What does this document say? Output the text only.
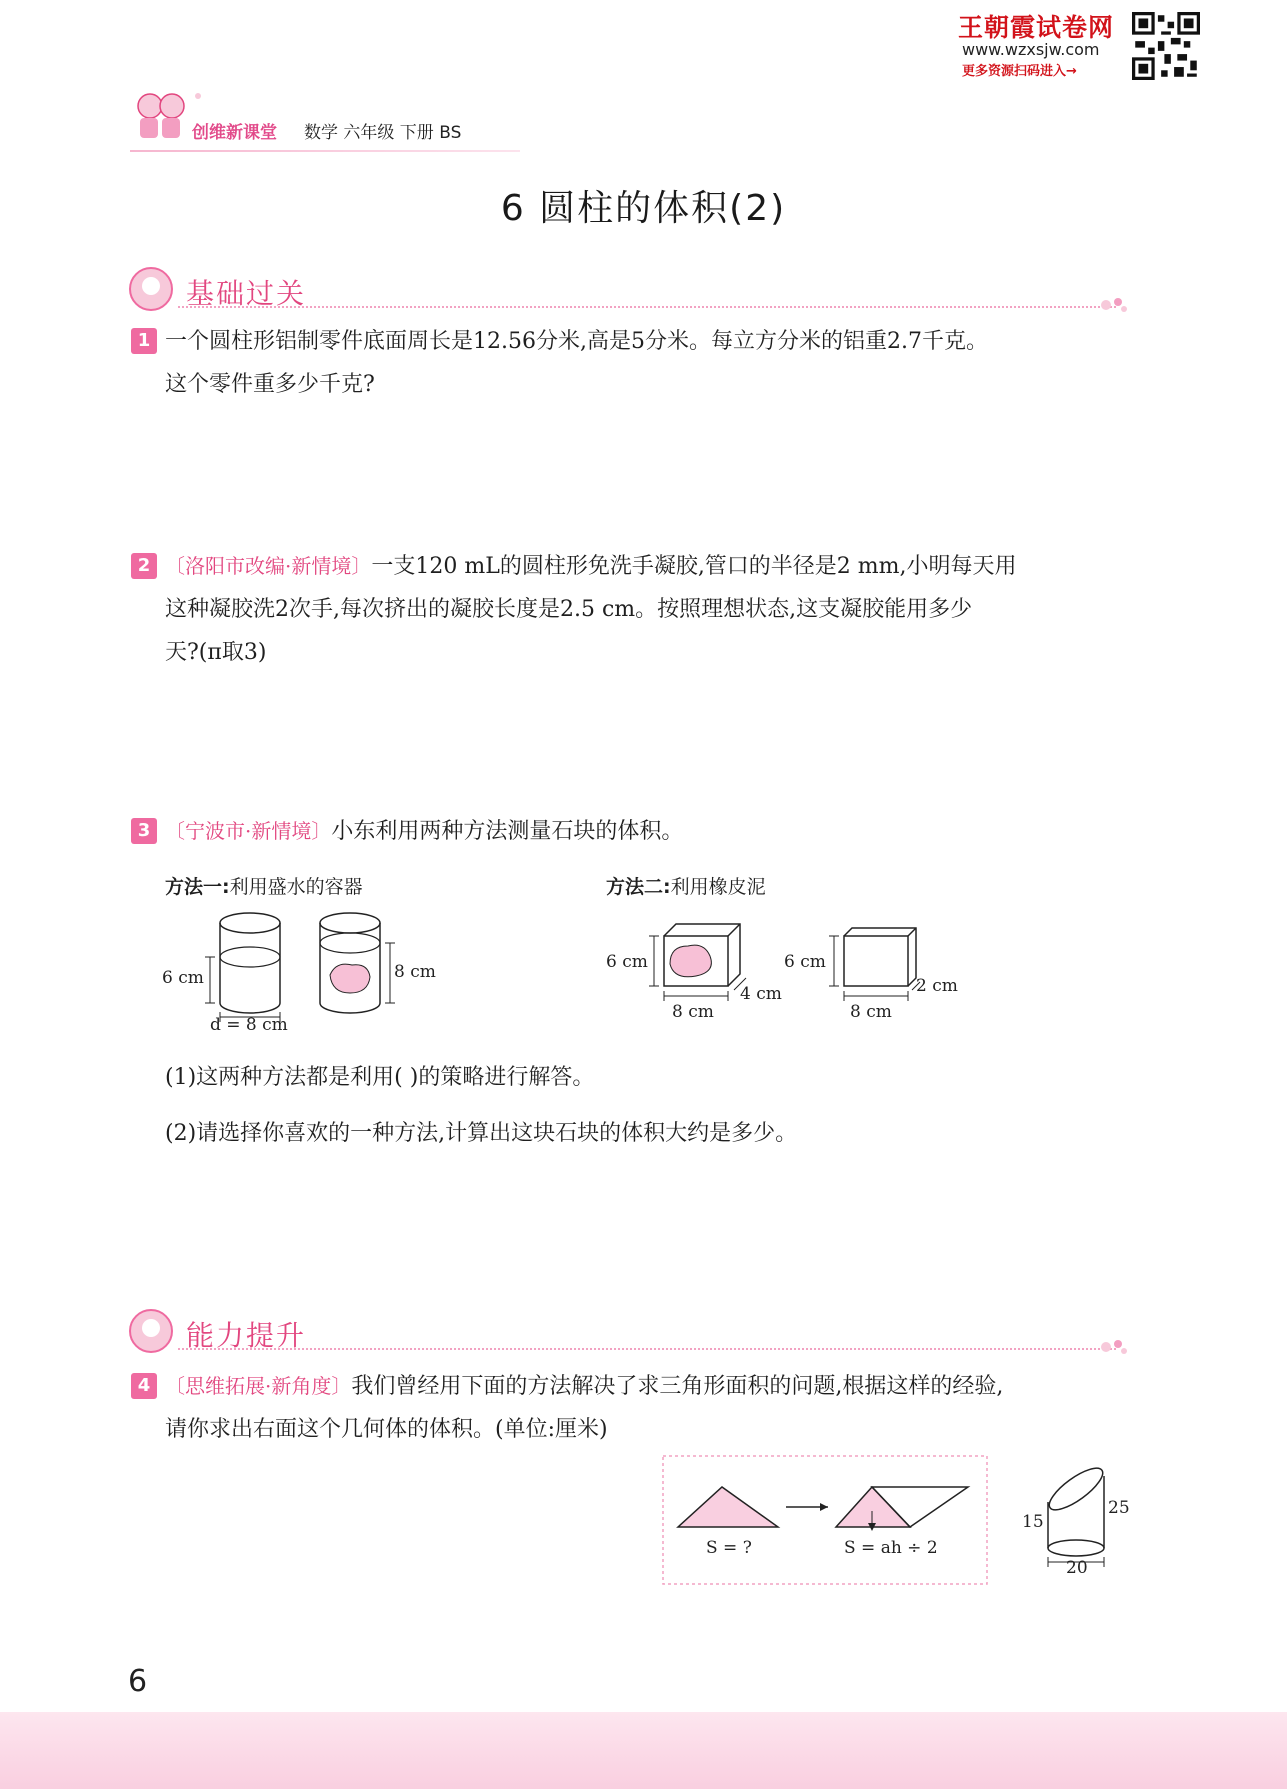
王朝霞试卷网
www.wzxsjw.com
更多资源扫码进入→
创维新课堂 数学 六年级 下册 BS
6 圆柱的体积(2)
基础过关
1 一个圆柱形铝制零件底面周长是12.56分米,高是5分米。每立方分米的铝重2.7千克。
这个零件重多少千克?
2 〔洛阳市改编·新情境〕一支120 mL的圆柱形免洗手凝胶,管口的半径是2 mm,小明每天用
这种凝胶洗2次手,每次挤出的凝胶长度是2.5 cm。按照理想状态,这支凝胶能用多少
天?(π取3)
3 〔宁波市·新情境〕小东利用两种方法测量石块的体积。
方法一:利用盛水的容器	方法二:利用橡皮泥
6 cm	8 cm
d = 8 cm
6 cm
8 cm
4 cm
6 cm
8 cm
2 cm
(1)这两种方法都是利用( )的策略进行解答。
(2)请选择你喜欢的一种方法,计算出这块石块的体积大约是多少。
能力提升
4 〔思维拓展·新角度〕我们曾经用下面的方法解决了求三角形面积的问题,根据这样的经验,
请你求出右面这个几何体的体积。(单位:厘米)
S = ?	S = ah ÷ 2
15
25
20
6
